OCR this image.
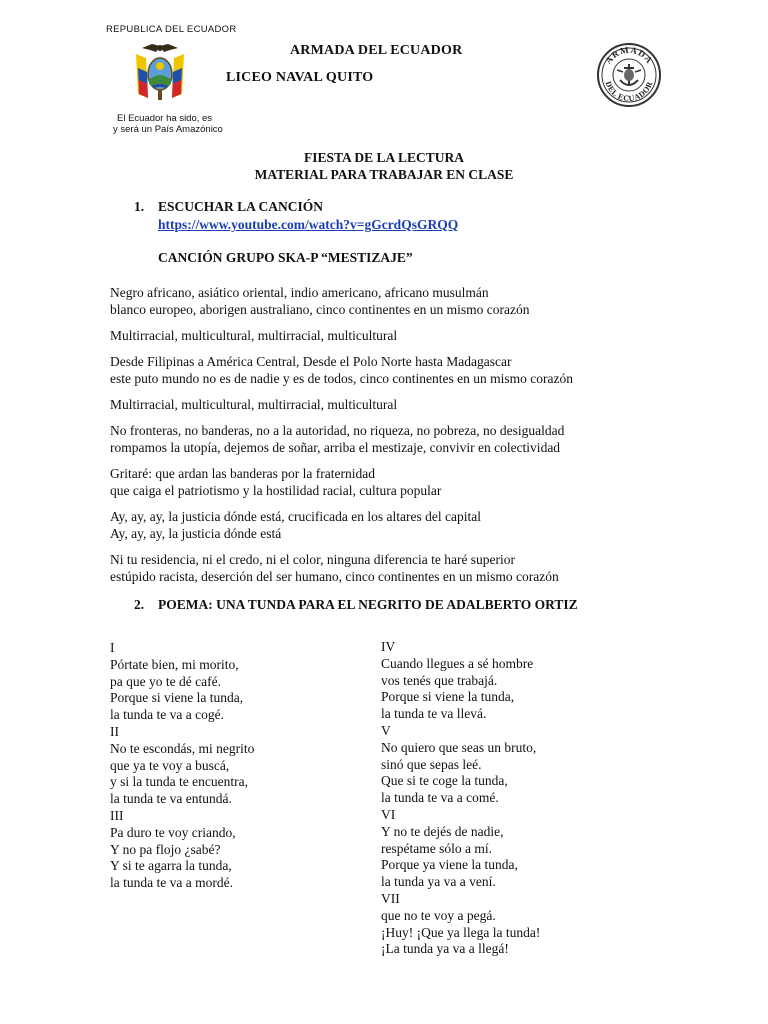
REPUBLICA DEL ECUADOR
ARMADA DEL ECUADOR
LICEO NAVAL QUITO
El Ecuador ha sido, es
y será un País Amazónico
ARMADA
DEL ECUADOR
FIESTA DE LA LECTURA
MATERIAL PARA TRABAJAR EN CLASE
1. ESCUCHAR LA CANCIÓN
https://www.youtube.com/watch?v=gGcrdQsGRQQ
CANCIÓN GRUPO SKA-P “MESTIZAJE”

Negro africano, asiático oriental, indio americano, africano musulmán
blanco europeo, aborigen australiano, cinco continentes en un mismo corazón

Multirracial, multicultural, multirracial, multicultural

Desde Filipinas a América Central, Desde el Polo Norte hasta Madagascar
este puto mundo no es de nadie y es de todos, cinco continentes en un mismo corazón

Multirracial, multicultural, multirracial, multicultural

No fronteras, no banderas, no a la autoridad, no riqueza, no pobreza, no desigualdad
rompamos la utopía, dejemos de soñar, arriba el mestizaje, convivir en colectividad

Gritaré: que ardan las banderas por la fraternidad
que caiga el patriotismo y la hostilidad racial, cultura popular

Ay, ay, ay, la justicia dónde está, crucificada en los altares del capital
Ay, ay, ay, la justicia dónde está

Ni tu residencia, ni el credo, ni el color, ninguna diferencia te haré superior
estúpido racista, deserción del ser humano, cinco continentes en un mismo corazón

2. POEMA: UNA TUNDA PARA EL NEGRITO DE ADALBERTO ORTIZ
I
Pórtate bien, mi morito,
pa que yo te dé café.
Porque si viene la tunda,
la tunda te va a cogé.
II
No te escondás, mi negrito
que ya te voy a buscá,
y si la tunda te encuentra,
la tunda te va entundá.
III
Pa duro te voy criando,
Y no pa flojo ¿sabé?
Y si te agarra la tunda,
la tunda te va a mordé.
IV
Cuando llegues a sé hombre
vos tenés que trabajá.
Porque si viene la tunda,
la tunda te va llevá.
V
No quiero que seas un bruto,
sinó que sepas leé.
Que si te coge la tunda,
la tunda te va a comé.
VI
Y no te dejés de nadie,
respétame sólo a mí.
Porque ya viene la tunda,
la tunda ya va a vení.
VII
que no te voy a pegá.
¡Huy! ¡Que ya llega la tunda!
¡La tunda ya va a llegá!
